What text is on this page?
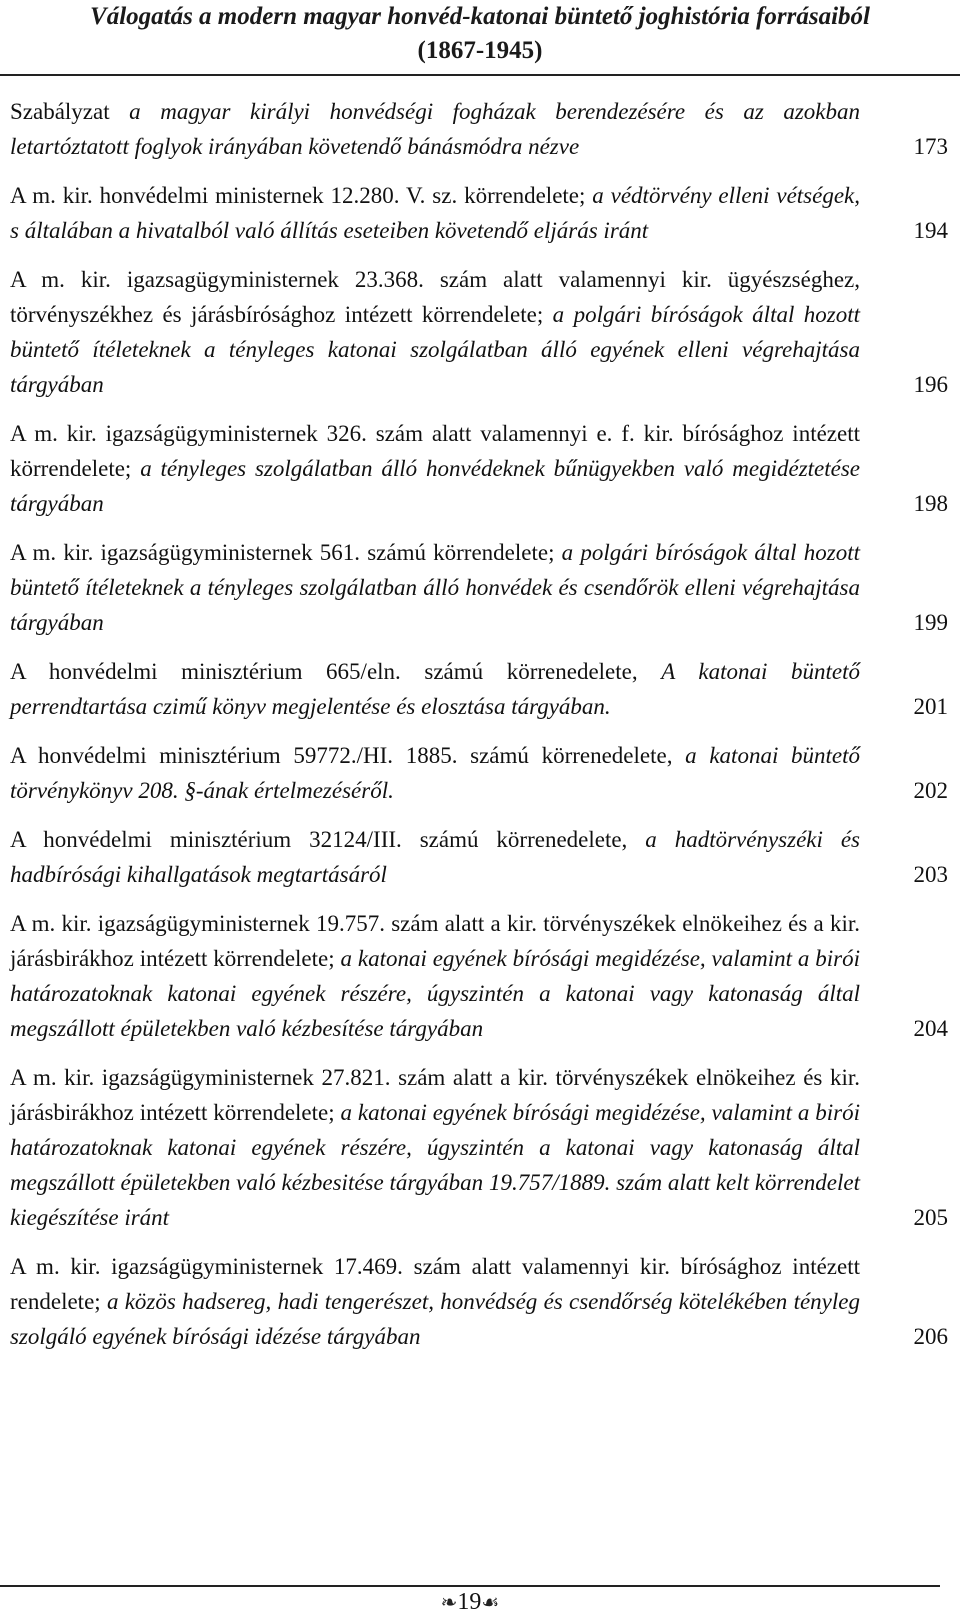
Válogatás a modern magyar honvéd-katonai büntető joghistória forrásaiból
(1867-1945)
Szabályzat a magyar királyi honvédségi fogházak berendezésére és az azokban letartóztatott foglyok irányában követendő bánásmódra nézve	173
A m. kir. honvédelmi ministernek 12.280. V. sz. körrendelete; a védtörvény elleni vétségek, s általában a hivatalból való állítás eseteiben követendő eljárás iránt	194
A m. kir. igazsagügyministernek 23.368. szám alatt valamennyi kir. ügyészséghez, törvényszékhez és járásbírósághoz intézett körrendelete; a polgári bíróságok által hozott büntető ítéleteknek a tényleges katonai szolgálatban álló egyének elleni végrehajtása tárgyában	196
A m. kir. igazságügyministernek 326. szám alatt valamennyi e. f. kir. bírósághoz intézett körrendelete; a tényleges szolgálatban álló honvédeknek bűnügyekben való megidéztetése tárgyában	198
A m. kir. igazságügyministernek 561. számú körrendelete; a polgári bíróságok által hozott büntető ítéleteknek a tényleges szolgálatban álló honvédek és csendőrök elleni végrehajtása tárgyában	199
A honvédelmi minisztérium 665/eln. számú körrenedelete, A katonai büntető perrendtartása czimű könyv megjelentése és elosztása tárgyában.	201
A honvédelmi minisztérium 59772./HI. 1885. számú körrenedelete, a katonai büntető törvénykönyv 208. §-ának értelmezéséről.	202
A honvédelmi minisztérium 32124/III. számú körrenedelete, a hadtörvényszéki és hadbírósági kihallgatások megtartásáról	203
A m. kir. igazságügyministernek 19.757. szám alatt a kir. törvényszékek elnökeihez és a kir. járásbirákhoz intézett körrendelete; a katonai egyének bírósági megidézése, valamint a birói határozatoknak katonai egyének részére, úgyszintén a katonai vagy katonaság által megszállott épületekben való kézbesítése tárgyában	204
A m. kir. igazságügyministernek 27.821. szám alatt a kir. törvényszékek elnökeihez és kir. járásbirákhoz intézett körrendelete; a katonai egyének bírósági megidézése, valamint a birói határozatoknak katonai egyének részére, úgyszintén a katonai vagy katonaság által megszállott épületekben való kézbesitése tárgyában 19.757/1889. szám alatt kelt körrendelet kiegészítése iránt	205
A m. kir. igazságügyministernek 17.469. szám alatt valamennyi kir. bírósághoz intézett rendelete; a közös hadsereg, hadi tengerészet, honvédség és csendőrség kötelékében tényleg szolgáló egyének bírósági idézése tárgyában	206
❧19☙
